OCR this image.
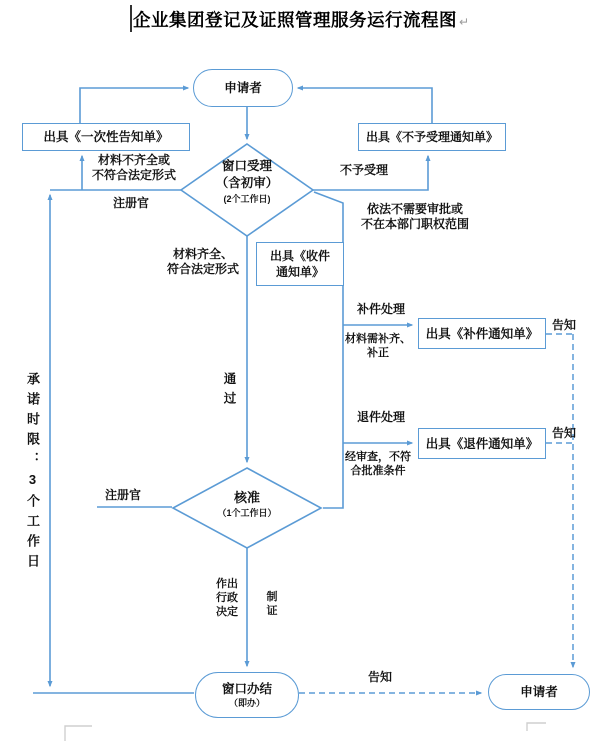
企业集团登记及证照管理服务运行流程图 ↵
申请者
窗口办结
（即办）
申请者
出具《一次性告知单》	出具《不予受理通知单》
出具《收件
通知单》
出具《补件通知单》
出具《退件通知单》
窗口受理
（含初审）
(2个工作日)
核准
（1个工作日）
材料不齐全或
不符合法定形式
注册官
不予受理
依法不需要审批或
不在本部门职权范围
材料齐全、
符合法定形式
通过
补件处理
材料需补齐、
补正
告知
退件处理
经审查，不符
合批准条件
告知
注册官
承诺时限：3个工作日
作出
行政
决定
制
证
告知
